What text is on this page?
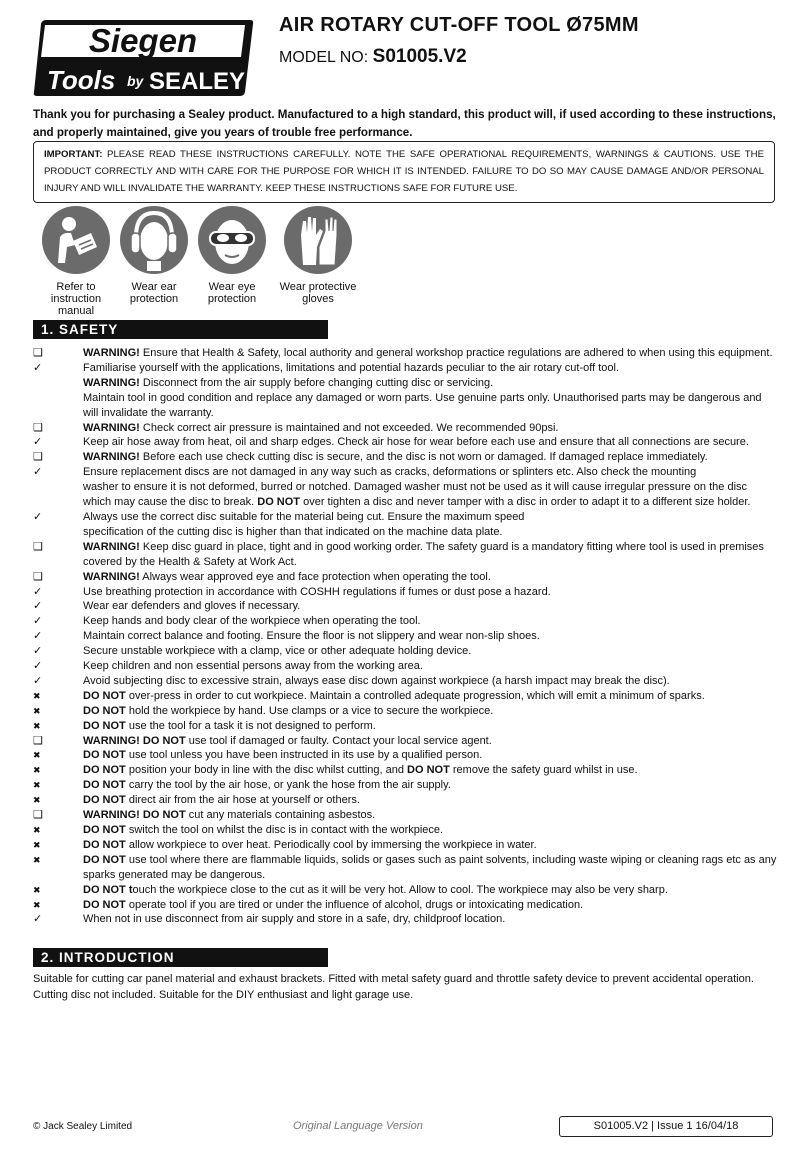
Siegen
Tools by SEALEY
AIR ROTARY CUT-OFF TOOL Ø75MM
MODEL NO: S01005.V2
Thank you for purchasing a Sealey product. Manufactured to a high standard, this product will, if used according to these instructions, and properly maintained, give you years of trouble free performance.
IMPORTANT: PLEASE READ THESE INSTRUCTIONS CAREFULLY. NOTE THE SAFE OPERATIONAL REQUIREMENTS, WARNINGS & CAUTIONS. USE THE PRODUCT CORRECTLY AND WITH CARE FOR THE PURPOSE FOR WHICH IT IS INTENDED. FAILURE TO DO SO MAY CAUSE DAMAGE AND/OR PERSONAL INJURY AND WILL INVALIDATE THE WARRANTY. KEEP THESE INSTRUCTIONS SAFE FOR FUTURE USE.
Refer to instruction manual
Wear ear protection
Wear eye protection
Wear protective gloves
1. SAFETY
❑	WARNING! Ensure that Health & Safety, local authority and general workshop practice regulations are adhered to when using this equipment.
✓	Familiarise yourself with the applications, limitations and potential hazards peculiar to the air rotary cut-off tool.
WARNING! Disconnect from the air supply before changing cutting disc or servicing.
Maintain tool in good condition and replace any damaged or worn parts. Use genuine parts only. Unauthorised parts may be dangerous and will invalidate the warranty.
❑	WARNING! Check correct air pressure is maintained and not exceeded. We recommended 90psi.
✓	Keep air hose away from heat, oil and sharp edges. Check air hose for wear before each use and ensure that all connections are secure.
❑	WARNING! Before each use check cutting disc is secure, and the disc is not worn or damaged. If damaged replace immediately.
✓	Ensure replacement discs are not damaged in any way such as cracks, deformations or splinters etc. Also check the mounting
washer to ensure it is not deformed, burred or notched. Damaged washer must not be used as it will cause irregular pressure on the disc which may cause the disc to break. DO NOT over tighten a disc and never tamper with a disc in order to adapt it to a different size holder.
✓	Always use the correct disc suitable for the material being cut. Ensure the maximum speed
specification of the cutting disc is higher than that indicated on the machine data plate.
❑	WARNING! Keep disc guard in place, tight and in good working order. The safety guard is a mandatory fitting where tool is used in premises covered by the Health & Safety at Work Act.
❑	WARNING! Always wear approved eye and face protection when operating the tool.
✓	Use breathing protection in accordance with COSHH regulations if fumes or dust pose a hazard.
✓	Wear ear defenders and gloves if necessary.
✓	Keep hands and body clear of the workpiece when operating the tool.
✓	Maintain correct balance and footing. Ensure the floor is not slippery and wear non-slip shoes.
✓	Secure unstable workpiece with a clamp, vice or other adequate holding device.
✓	Keep children and non essential persons away from the working area.
✓	Avoid subjecting disc to excessive strain, always ease disc down against workpiece (a harsh impact may break the disc).
✖	DO NOT over-press in order to cut workpiece. Maintain a controlled adequate progression, which will emit a minimum of sparks.
✖	DO NOT hold the workpiece by hand. Use clamps or a vice to secure the workpiece.
✖	DO NOT use the tool for a task it is not designed to perform.
❑	WARNING! DO NOT use tool if damaged or faulty. Contact your local service agent.
✖	DO NOT use tool unless you have been instructed in its use by a qualified person.
✖	DO NOT position your body in line with the disc whilst cutting, and DO NOT remove the safety guard whilst in use.
✖	DO NOT carry the tool by the air hose, or yank the hose from the air supply.
✖	DO NOT direct air from the air hose at yourself or others.
❑	WARNING! DO NOT cut any materials containing asbestos.
✖	DO NOT switch the tool on whilst the disc is in contact with the workpiece.
✖	DO NOT allow workpiece to over heat. Periodically cool by immersing the workpiece in water.
✖	DO NOT use tool where there are flammable liquids, solids or gases such as paint solvents, including waste wiping or cleaning rags etc as any sparks generated may be dangerous.
✖	DO NOT touch the workpiece close to the cut as it will be very hot. Allow to cool. The workpiece may also be very sharp.
✖	DO NOT operate tool if you are tired or under the influence of alcohol, drugs or intoxicating medication.
✓	When not in use disconnect from air supply and store in a safe, dry, childproof location.
2. INTRODUCTION
Suitable for cutting car panel material and exhaust brackets. Fitted with metal safety guard and throttle safety device to prevent accidental operation. Cutting disc not included. Suitable for the DIY enthusiast and light garage use.
© Jack Sealey Limited	Original Language Version	S01005.V2 | Issue 1 16/04/18
